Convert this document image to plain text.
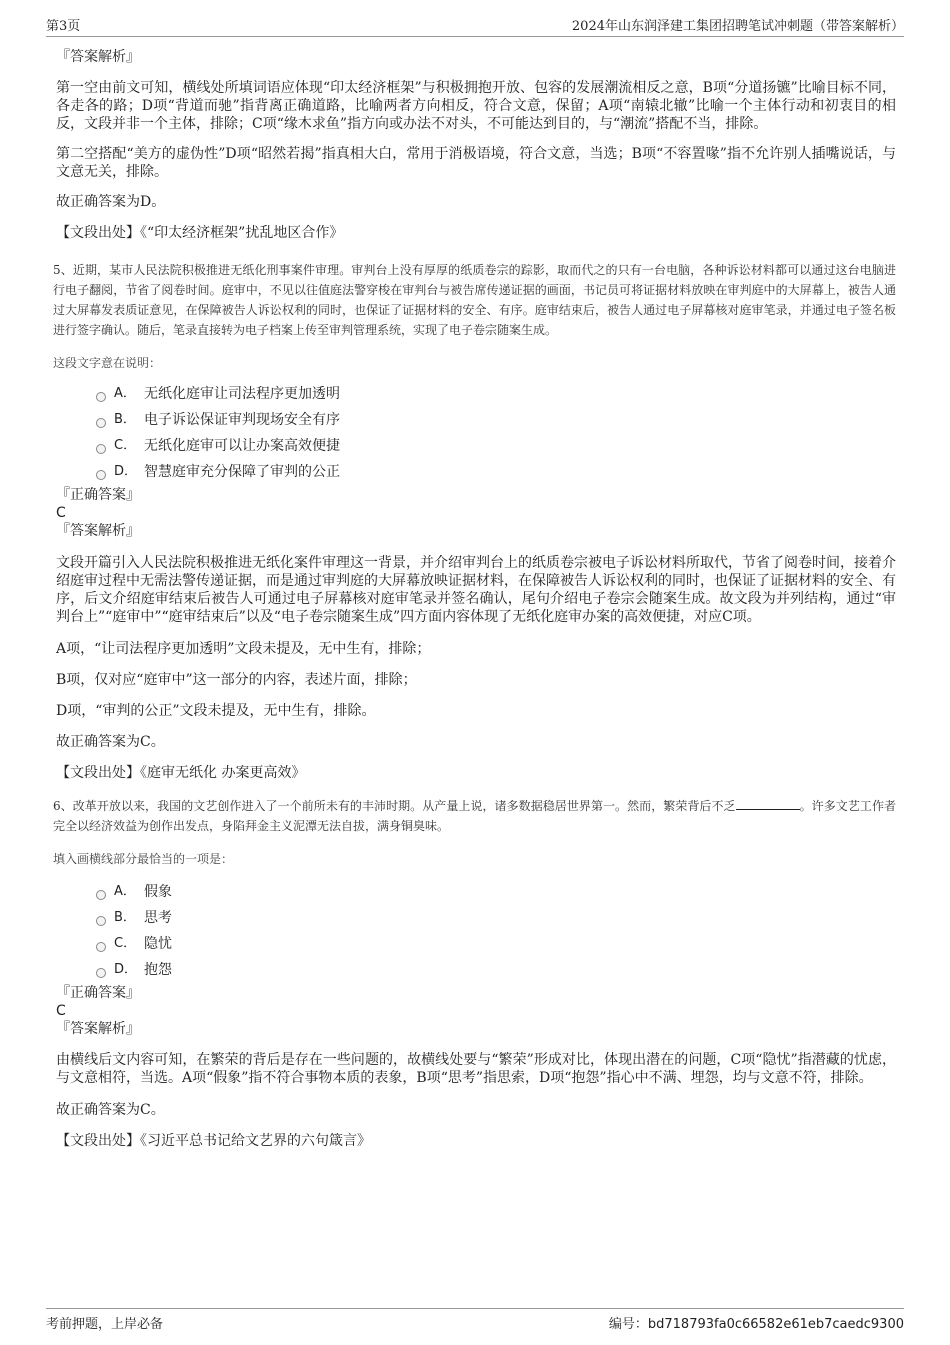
第3页	2024年山东润泽建工集团招聘笔试冲刺题（带答案解析）

『答案解析』

第一空由前文可知，横线处所填词语应体现“印太经济框架”与积极拥抱开放、包容的发展潮流相反之意，B项“分道扬镳”比喻目标不同，各走各的路；D项“背道而驰”指背离正确道路，比喻两者方向相反，符合文意，保留；A项“南辕北辙”比喻一个主体行动和初衷目的相反，文段并非一个主体，排除；C项“缘木求鱼”指方向或办法不对头，不可能达到目的，与“潮流”搭配不当，排除。

第二空搭配“美方的虚伪性”D项“昭然若揭”指真相大白，常用于消极语境，符合文意，当选；B项“不容置喙”指不允许别人插嘴说话，与文意无关，排除。

故正确答案为D。

【文段出处】《“印太经济框架”扰乱地区合作》

5、近期，某市人民法院积极推进无纸化刑事案件审理。审判台上没有厚厚的纸质卷宗的踪影，取而代之的只有一台电脑，各种诉讼材料都可以通过这台电脑进行电子翻阅，节省了阅卷时间。庭审中，不见以往值庭法警穿梭在审判台与被告席传递证据的画面，书记员可将证据材料放映在审判庭中的大屏幕上，被告人通过大屏幕发表质证意见，在保障被告人诉讼权利的同时，也保证了证据材料的安全、有序。庭审结束后，被告人通过电子屏幕核对庭审笔录，并通过电子签名板进行签字确认。随后，笔录直接转为电子档案上传至审判管理系统，实现了电子卷宗随案生成。

这段文字意在说明：

A． 无纸化庭审让司法程序更加透明
B． 电子诉讼保证审判现场安全有序
C． 无纸化庭审可以让办案高效便捷
D． 智慧庭审充分保障了审判的公正

『正确答案』

C

『答案解析』

文段开篇引入人民法院积极推进无纸化案件审理这一背景，并介绍审判台上的纸质卷宗被电子诉讼材料所取代，节省了阅卷时间，接着介绍庭审过程中无需法警传递证据，而是通过审判庭的大屏幕放映证据材料，在保障被告人诉讼权利的同时，也保证了证据材料的安全、有序，后文介绍庭审结束后被告人可通过电子屏幕核对庭审笔录并签名确认，尾句介绍电子卷宗会随案生成。故文段为并列结构，通过“审判台上”“庭审中”“庭审结束后”以及“电子卷宗随案生成”四方面内容体现了无纸化庭审办案的高效便捷，对应C项。

A项，“让司法程序更加透明”文段未提及，无中生有，排除；

B项，仅对应“庭审中”这一部分的内容，表述片面，排除；

D项，“审判的公正”文段未提及，无中生有，排除。

故正确答案为C。

【文段出处】《庭审无纸化 办案更高效》

6、改革开放以来，我国的文艺创作进入了一个前所未有的丰沛时期。从产量上说，诸多数据稳居世界第一。然而，繁荣背后不乏	。许多文艺工作者完全以经济效益为创作出发点，身陷拜金主义泥潭无法自拔，满身铜臭味。

填入画横线部分最恰当的一项是：

A． 假象
B． 思考
C． 隐忧
D． 抱怨

『正确答案』

C

『答案解析』

由横线后文内容可知，在繁荣的背后是存在一些问题的，故横线处要与“繁荣”形成对比，体现出潜在的问题，C项“隐忧”指潜藏的忧虑，与文意相符，当选。A项“假象”指不符合事物本质的表象，B项“思考”指思索，D项“抱怨”指心中不满、埋怨，均与文意不符，排除。

故正确答案为C。

【文段出处】《习近平总书记给文艺界的六句箴言》

考前押题，上岸必备	编号：bd718793fa0c66582e61eb7caedc9300
